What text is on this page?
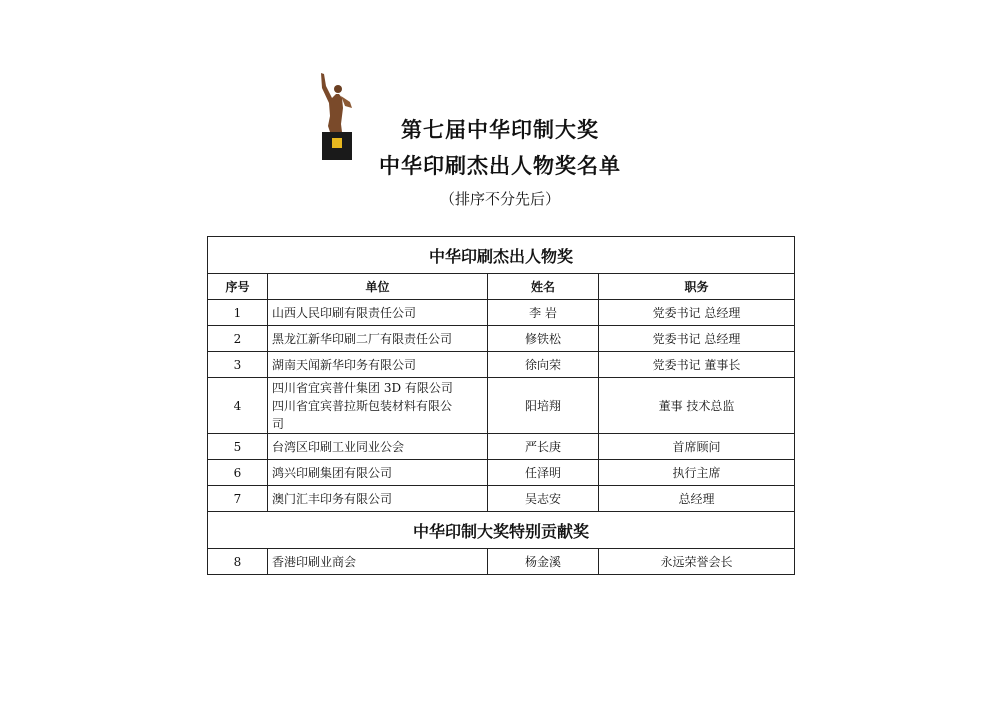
第七届中华印制大奖
中华印刷杰出人物奖名单
（排序不分先后）
中华印刷杰出人物奖			
序号	单位	姓名	职务
1	山西人民印刷有限责任公司	李 岩	党委书记 总经理
2	黑龙江新华印刷二厂有限责任公司	修铁松	党委书记 总经理
3	湖南天闻新华印务有限公司	徐向荣	党委书记 董事长
4	四川省宜宾普什集团 3D 有限公司
四川省宜宾普拉斯包装材料有限公
司	阳培翔	董事 技术总监
5	台湾区印刷工业同业公会	严长庚	首席顾问
6	鸿兴印刷集团有限公司	任泽明	执行主席
7	澳门汇丰印务有限公司	吴志安	总经理
中华印制大奖特别贡献奖			
8	香港印刷业商会	杨金溪	永远荣誉会长
